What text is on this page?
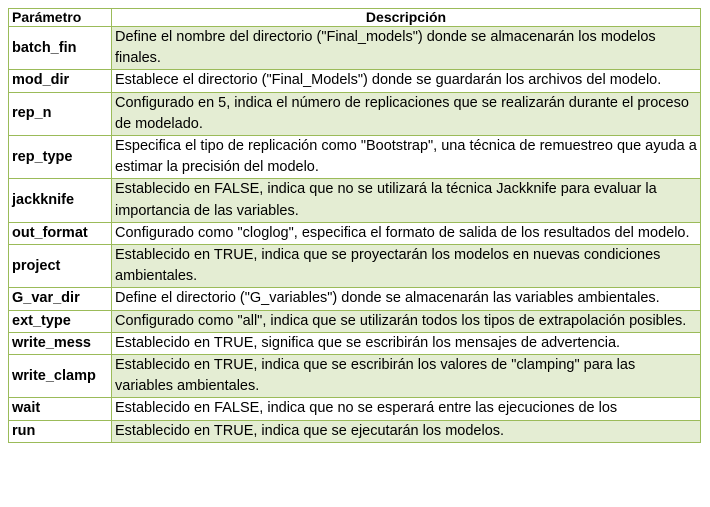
Parámetro	Descripción
batch_fin	Define el nombre del directorio ("Final_models") donde se almacenarán los modelos finales.
mod_dir	Establece el directorio ("Final_Models") donde se guardarán los archivos del modelo.
rep_n	Configurado en 5, indica el número de replicaciones que se realizarán durante el proceso de modelado.
rep_type	Especifica el tipo de replicación como "Bootstrap", una técnica de remuestreo que ayuda a estimar la precisión del modelo.
jackknife	Establecido en FALSE, indica que no se utilizará la técnica Jackknife para evaluar la importancia de las variables.
out_format	Configurado como "cloglog", especifica el formato de salida de los resultados del modelo.
project	Establecido en TRUE, indica que se proyectarán los modelos en nuevas condiciones ambientales.
G_var_dir	Define el directorio ("G_variables") donde se almacenarán las variables ambientales.
ext_type	Configurado como "all", indica que se utilizarán todos los tipos de extrapolación posibles.
write_mess	Establecido en TRUE, significa que se escribirán los mensajes de advertencia.
write_clamp	Establecido en TRUE, indica que se escribirán los valores de "clamping" para las variables ambientales.
wait	Establecido en FALSE, indica que no se esperará entre las ejecuciones de los
run	Establecido en TRUE, indica que se ejecutarán los modelos.
